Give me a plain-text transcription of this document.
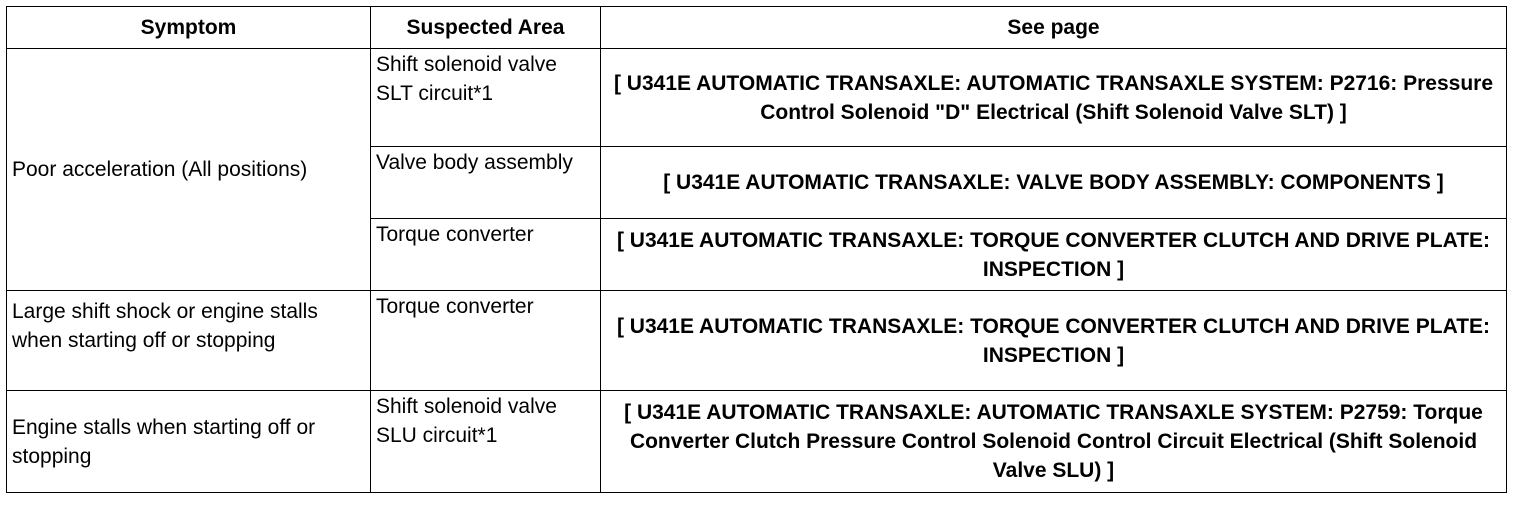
Symptom	Suspected Area	See page
Poor acceleration (All positions)	Shift solenoid valve SLT circuit*1	[ U341E AUTOMATIC TRANSAXLE: AUTOMATIC TRANSAXLE SYSTEM: P2716: Pressure Control Solenoid "D" Electrical (Shift Solenoid Valve SLT) ]
	Valve body assembly	[ U341E AUTOMATIC TRANSAXLE: VALVE BODY ASSEMBLY: COMPONENTS ]
	Torque converter	[ U341E AUTOMATIC TRANSAXLE: TORQUE CONVERTER CLUTCH AND DRIVE PLATE: INSPECTION ]
Large shift shock or engine stalls when starting off or stopping	Torque converter	[ U341E AUTOMATIC TRANSAXLE: TORQUE CONVERTER CLUTCH AND DRIVE PLATE: INSPECTION ]
Engine stalls when starting off or stopping	Shift solenoid valve SLU circuit*1	[ U341E AUTOMATIC TRANSAXLE: AUTOMATIC TRANSAXLE SYSTEM: P2759: Torque Converter Clutch Pressure Control Solenoid Control Circuit Electrical (Shift Solenoid Valve SLU) ]
